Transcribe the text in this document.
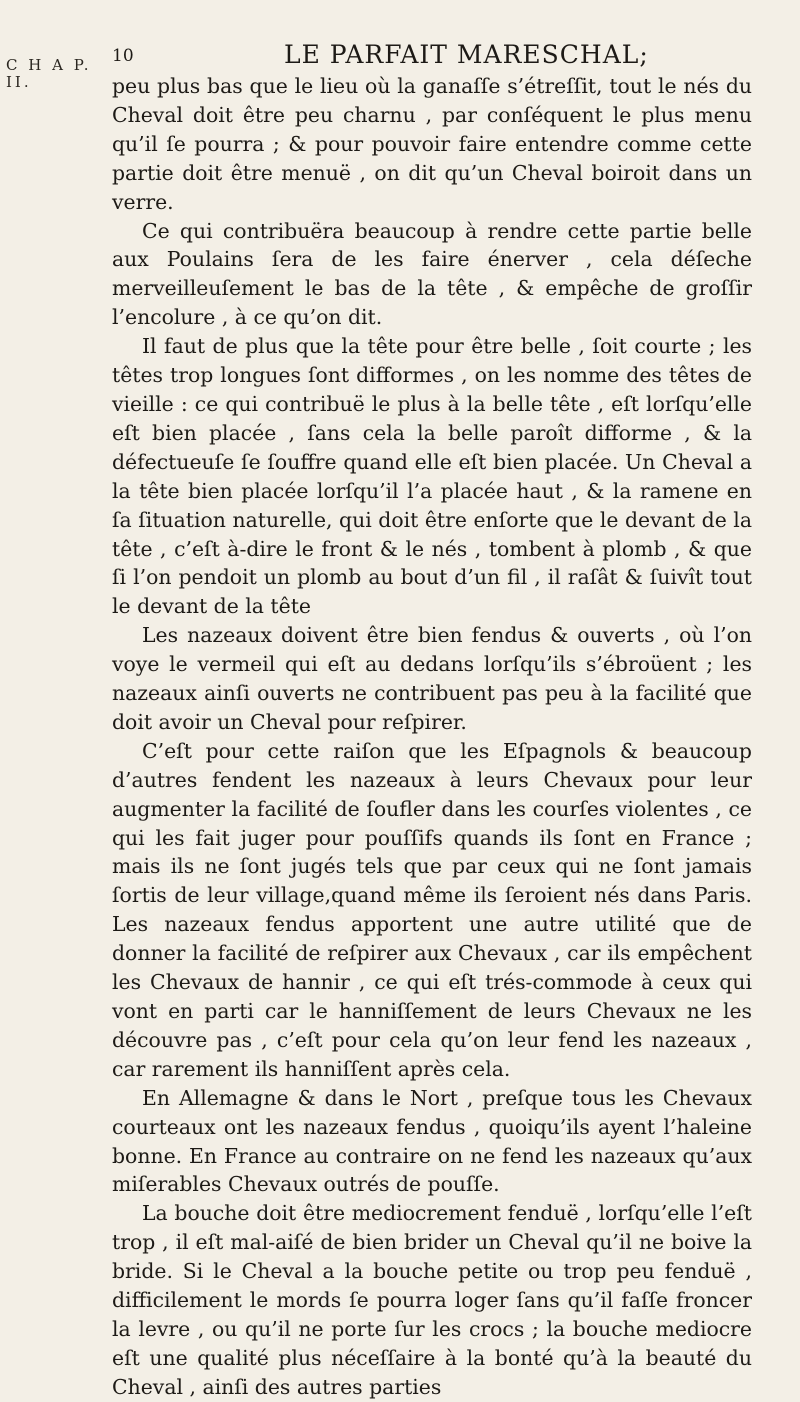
C H A P.
II.
10	LE PARFAIT MARESCHAL;

peu plus bas que le lieu où la ganaſſe s’étreſſit, tout le nés du Cheval doit être peu charnu , par conſéquent le plus menu qu’il ſe pourra ; & pour pouvoir faire entendre comme cette partie doit être menuë , on dit qu’un Cheval boiroit dans un verre.

Ce qui contribuëra beaucoup à rendre cette partie belle aux Poulains ſera de les faire énerver , cela déſeche merveilleuſement le bas de la tête , & empêche de groſſir l’encolure , à ce qu’on dit.

Il faut de plus que la tête pour être belle , ſoit courte ; les têtes trop longues ſont difformes , on les nomme des têtes de vieille : ce qui contribuë le plus à la belle tête , eſt lorſqu’elle eſt bien placée , ſans cela la belle paroît difforme , & la défectueuſe ſe ſouffre quand elle eſt bien placée. Un Cheval a la tête bien placée lorſqu’il l’a placée haut , & la ramene en ſa ſituation naturelle, qui doit être enſorte que le devant de la tête , c’eſt à-dire le front & le nés , tombent à plomb , & que ſi l’on pendoit un plomb au bout d’un fil , il raſât & ſuivît tout le devant de la tête

Les nazeaux doivent être bien fendus & ouverts , où l’on voye le vermeil qui eſt au dedans lorſqu’ils s’ébroüent ; les nazeaux ainſi ouverts ne contribuent pas peu à la facilité que doit avoir un Cheval pour reſpirer.

C’eſt pour cette raiſon que les Eſpagnols & beaucoup d’autres fendent les nazeaux à leurs Chevaux pour leur augmenter la facilité de ſoufler dans les courſes violentes , ce qui les fait juger pour pouſſifs quands ils ſont en France ; mais ils ne ſont jugés tels que par ceux qui ne ſont jamais ſortis de leur village,quand même ils ſeroient nés dans Paris. Les nazeaux fendus apportent une autre utilité que de donner la facilité de reſpirer aux Chevaux , car ils empêchent les Chevaux de hannir , ce qui eſt trés-commode à ceux qui vont en parti car le hanniſſement de leurs Chevaux ne les découvre pas , c’eſt pour cela qu’on leur fend les nazeaux , car rarement ils hanniſſent après cela.

En Allemagne & dans le Nort , preſque tous les Chevaux courteaux ont les nazeaux fendus , quoiqu’ils ayent l’haleine bonne. En France au contraire on ne fend les nazeaux qu’aux miſerables Chevaux outrés de pouſſe.

La bouche doit être mediocrement fenduë , lorſqu’elle l’eſt trop , il eſt mal-aiſé de bien brider un Cheval qu’il ne boive la bride. Si le Cheval a la bouche petite ou trop peu fenduë , difficilement le mords ſe pourra loger ſans qu’il faſſe froncer la levre , ou qu’il ne porte ſur les crocs ; la bouche mediocre eſt une qualité plus néceſſaire à la bonté qu’à la beauté du Cheval , ainſi des autres parties
